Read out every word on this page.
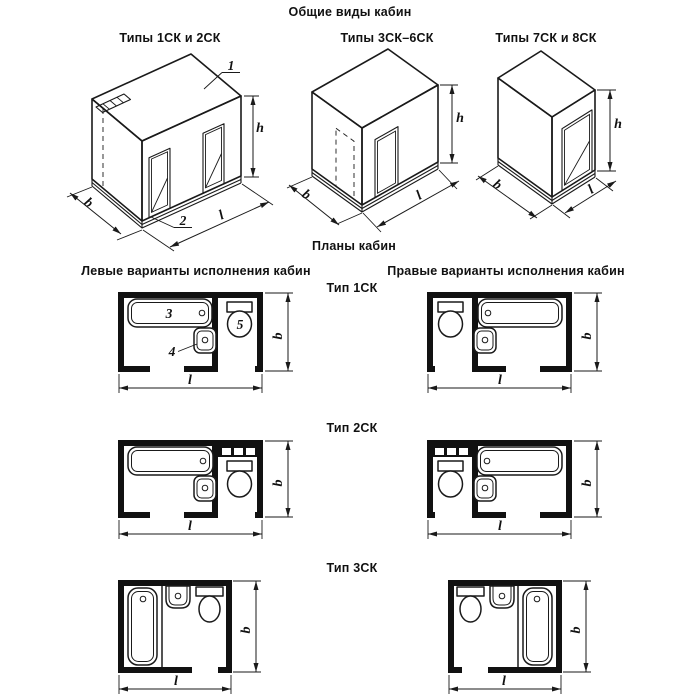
Общие виды кабин
Типы 1СК и 2СК	Типы 3СК–6СК	Типы 7СК и 8СК
Планы кабин
Левые варианты исполнения кабин	Правые варианты исполнения кабин
Тип 1СК
Тип 2СК
Тип 3СК
1
2
h
b
l
h
b	l
h
b	l
3
4
5
b
l
b
l
b
l
b
l
b
l
b
l
